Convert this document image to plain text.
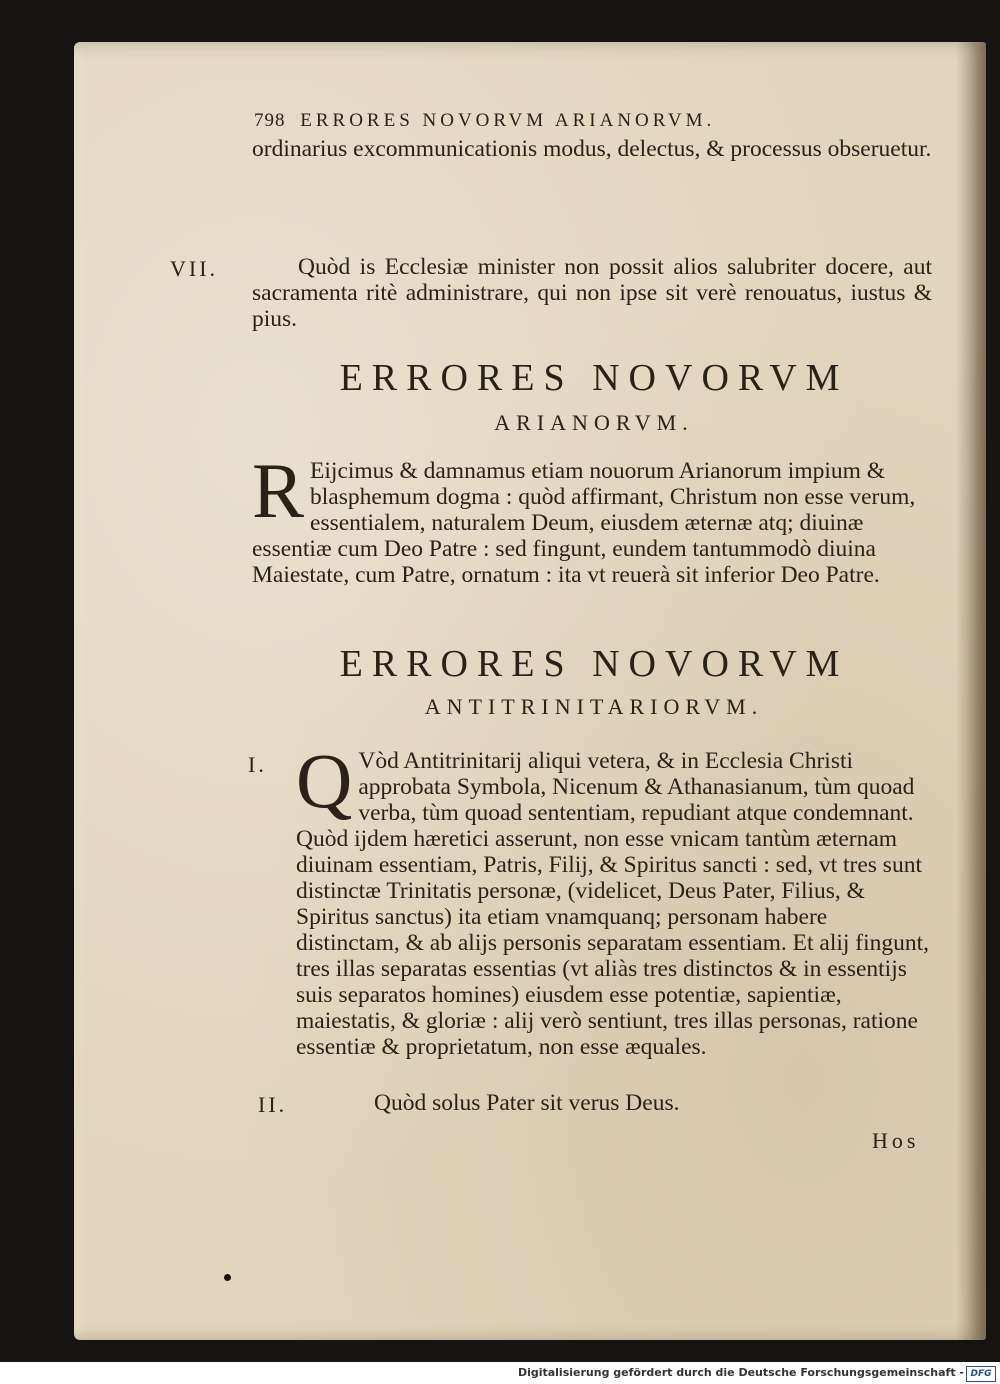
798 ERRORES NOVORVM ARIANORVM.
ordinarius excommunicationis modus, delectus, & processus obseruetur.
VII.	Quòd is Ecclesiæ minister non possit alios salubriter docere, aut sacramenta ritè administrare, qui non ipse sit verè renouatus, iustus & pius.
ERRORES NOVORVM
ARIANORVM.
R Eijcimus & damnamus etiam nouorum Arianorum impium & blasphemum dogma : quòd affirmant, Christum non esse verum, essentialem, naturalem Deum, eiusdem æternæ atq; diuinæ essentiæ cum Deo Patre : sed fingunt, eundem tantummodò diuina Maiestate, cum Patre, ornatum : ita vt reuerà sit inferior Deo Patre.
ERRORES NOVORVM
ANTITRINITARIORVM.
I. Q Vòd Antitrinitarij aliqui vetera, & in Ecclesia Christi approbata Symbola, Nicenum & Athanasianum, tùm quoad verba, tùm quoad sententiam, repudiant atque condemnant. Quòd ijdem hæretici asserunt, non esse vnicam tantùm æternam diuinam essentiam, Patris, Filij, & Spiritus sancti : sed, vt tres sunt distinctæ Trinitatis personæ, (videlicet, Deus Pater, Filius, & Spiritus sanctus) ita etiam vnamquanq; personam habere distinctam, & ab alijs personis separatam essentiam. Et alij fingunt, tres illas separatas essentias (vt aliàs tres distinctos & in essentijs suis separatos homines) eiusdem esse potentiæ, sapientiæ, maiestatis, & gloriæ : alij verò sentiunt, tres illas personas, ratione essentiæ & proprietatum, non esse æquales.
II.	Quòd solus Pater sit verus Deus.
Hos
Digitalisierung gefördert durch die Deutsche Forschungsgemeinschaft - DFG
